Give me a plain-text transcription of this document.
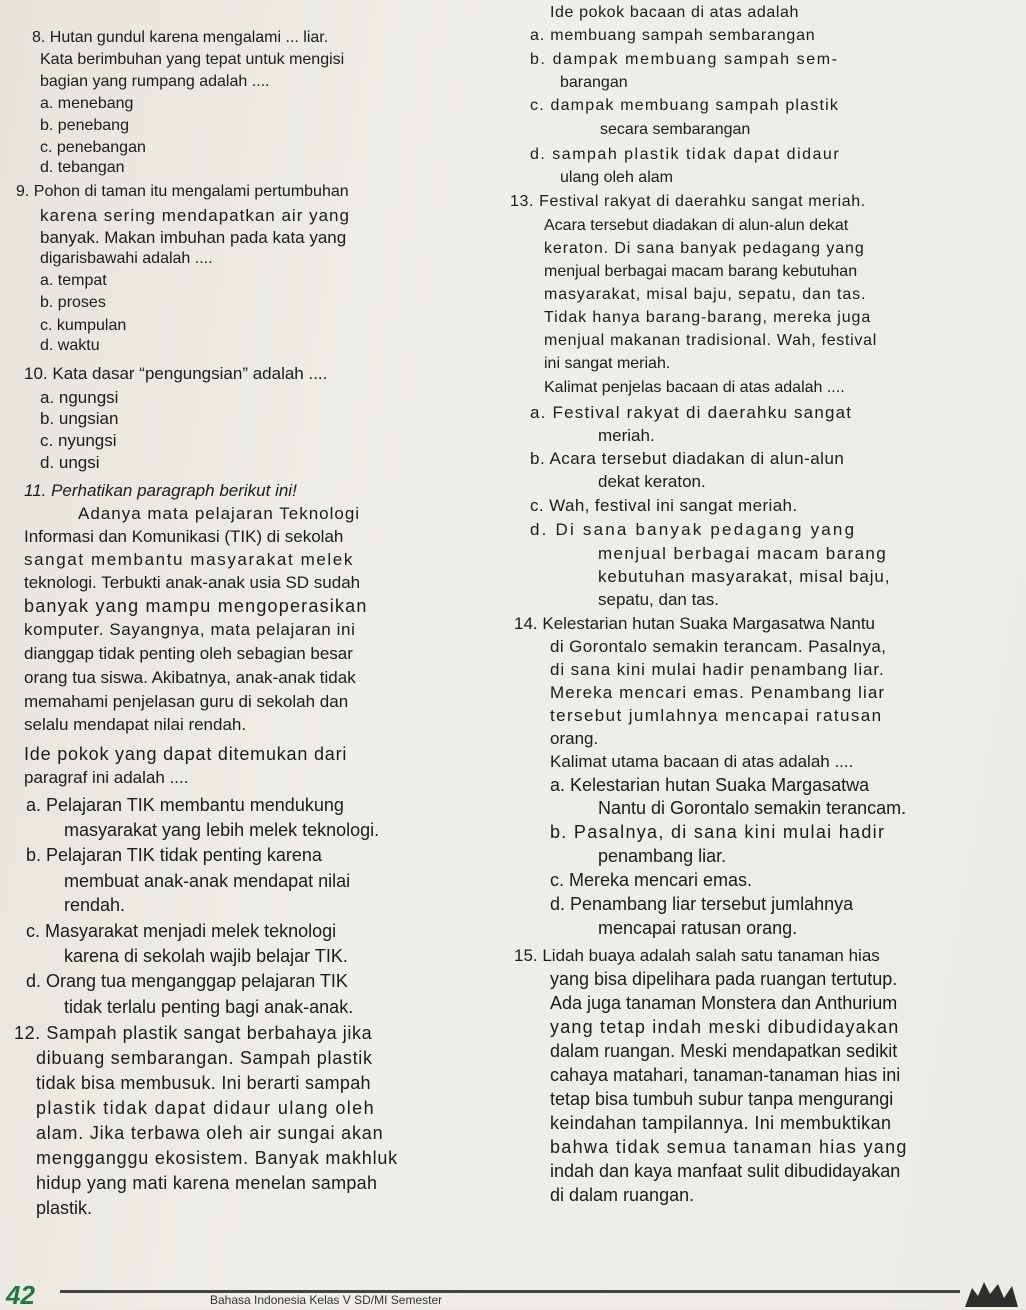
8. Hutan gundul karena mengalami ... liar.
Kata berimbuhan yang tepat untuk mengisi
bagian yang rumpang adalah ....
a. menebang
b. penebang
c. penebangan
d. tebangan
9. Pohon di taman itu mengalami pertumbuhan
karena sering mendapatkan air yang
banyak. Makan imbuhan pada kata yang
digarisbawahi adalah ....
a. tempat
b. proses
c. kumpulan
d. waktu
10. Kata dasar “pengungsian” adalah ....
a. ngungsi
b. ungsian
c. nyungsi
d. ungsi
11. Perhatikan paragraph berikut ini!
Adanya mata pelajaran Teknologi
Informasi dan Komunikasi (TIK) di sekolah
sangat membantu masyarakat melek
teknologi. Terbukti anak-anak usia SD sudah
banyak yang mampu mengoperasikan
komputer. Sayangnya, mata pelajaran ini
dianggap tidak penting oleh sebagian besar
orang tua siswa. Akibatnya, anak-anak tidak
memahami penjelasan guru di sekolah dan
selalu mendapat nilai rendah.
Ide pokok yang dapat ditemukan dari
paragraf ini adalah ....
a. Pelajaran TIK membantu mendukung
masyarakat yang lebih melek teknologi.
b. Pelajaran TIK tidak penting karena
membuat anak-anak mendapat nilai
rendah.
c. Masyarakat menjadi melek teknologi
karena di sekolah wajib belajar TIK.
d. Orang tua menganggap pelajaran TIK
tidak terlalu penting bagi anak-anak.
12. Sampah plastik sangat berbahaya jika
dibuang sembarangan. Sampah plastik
tidak bisa membusuk. Ini berarti sampah
plastik tidak dapat didaur ulang oleh
alam. Jika terbawa oleh air sungai akan
mengganggu ekosistem. Banyak makhluk
hidup yang mati karena menelan sampah
plastik.
Ide pokok bacaan di atas adalah
a. membuang sampah sembarangan
b. dampak membuang sampah sem-
barangan
c. dampak membuang sampah plastik
secara sembarangan
d. sampah plastik tidak dapat didaur
ulang oleh alam
13. Festival rakyat di daerahku sangat meriah.
Acara tersebut diadakan di alun-alun dekat
keraton. Di sana banyak pedagang yang
menjual berbagai macam barang kebutuhan
masyarakat, misal baju, sepatu, dan tas.
Tidak hanya barang-barang, mereka juga
menjual makanan tradisional. Wah, festival
ini sangat meriah.
Kalimat penjelas bacaan di atas adalah ....
a. Festival rakyat di daerahku sangat
meriah.
b. Acara tersebut diadakan di alun-alun
dekat keraton.
c. Wah, festival ini sangat meriah.
d. Di sana banyak pedagang yang
menjual berbagai macam barang
kebutuhan masyarakat, misal baju,
sepatu, dan tas.
14. Kelestarian hutan Suaka Margasatwa Nantu
di Gorontalo semakin terancam. Pasalnya,
di sana kini mulai hadir penambang liar.
Mereka mencari emas. Penambang liar
tersebut jumlahnya mencapai ratusan
orang.
Kalimat utama bacaan di atas adalah ....
a. Kelestarian hutan Suaka Margasatwa
Nantu di Gorontalo semakin terancam.
b. Pasalnya, di sana kini mulai hadir
penambang liar.
c. Mereka mencari emas.
d. Penambang liar tersebut jumlahnya
mencapai ratusan orang.
15. Lidah buaya adalah salah satu tanaman hias
yang bisa dipelihara pada ruangan tertutup.
Ada juga tanaman Monstera dan Anthurium
yang tetap indah meski dibudidayakan
dalam ruangan. Meski mendapatkan sedikit
cahaya matahari, tanaman-tanaman hias ini
tetap bisa tumbuh subur tanpa mengurangi
keindahan tampilannya. Ini membuktikan
bahwa tidak semua tanaman hias yang
indah dan kaya manfaat sulit dibudidayakan
di dalam ruangan.
42	Bahasa Indonesia Kelas V SD/MI Semester
